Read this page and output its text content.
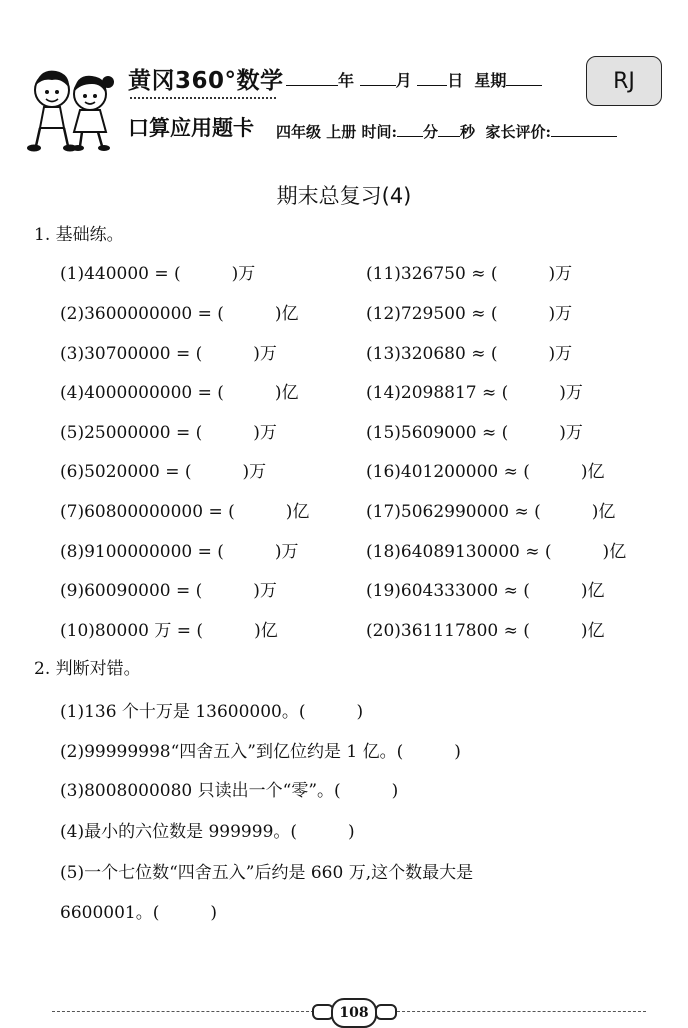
黄冈360°数学
口算应用题卡
年	月 日 星期	RJ
四年级 上册 时间: 分 秒 家长评价:
期末总复习(4)
1. 基础练。
(1)440000 = (　　　)万
(2)3600000000 = (　　　)亿
(3)30700000 = (　　　)万
(4)4000000000 = (　　　)亿
(5)25000000 = (　　　)万
(6)5020000 = (　　　)万
(7)60800000000 = (　　　)亿
(8)9100000000 = (　　　)万
(9)60090000 = (　　　)万
(10)80000 万 = (　　　)亿
(11)326750 ≈ (　　　)万
(12)729500 ≈ (　　　)万
(13)320680 ≈ (　　　)万
(14)2098817 ≈ (　　　)万
(15)5609000 ≈ (　　　)万
(16)401200000 ≈ (　　　)亿
(17)5062990000 ≈ (　　　)亿
(18)64089130000 ≈ (　　　)亿
(19)604333000 ≈ (　　　)亿
(20)361117800 ≈ (　　　)亿
2. 判断对错。
(1)136 个十万是 13600000。(　　　)
(2)99999998“四舍五入”到亿位约是 1 亿。(　　　)
(3)8008000080 只读出一个“零”。(　　　)
(4)最小的六位数是 999999。(　　　)
(5)一个七位数“四舍五入”后约是 660 万,这个数最大是
6600001。(　　　)
108
